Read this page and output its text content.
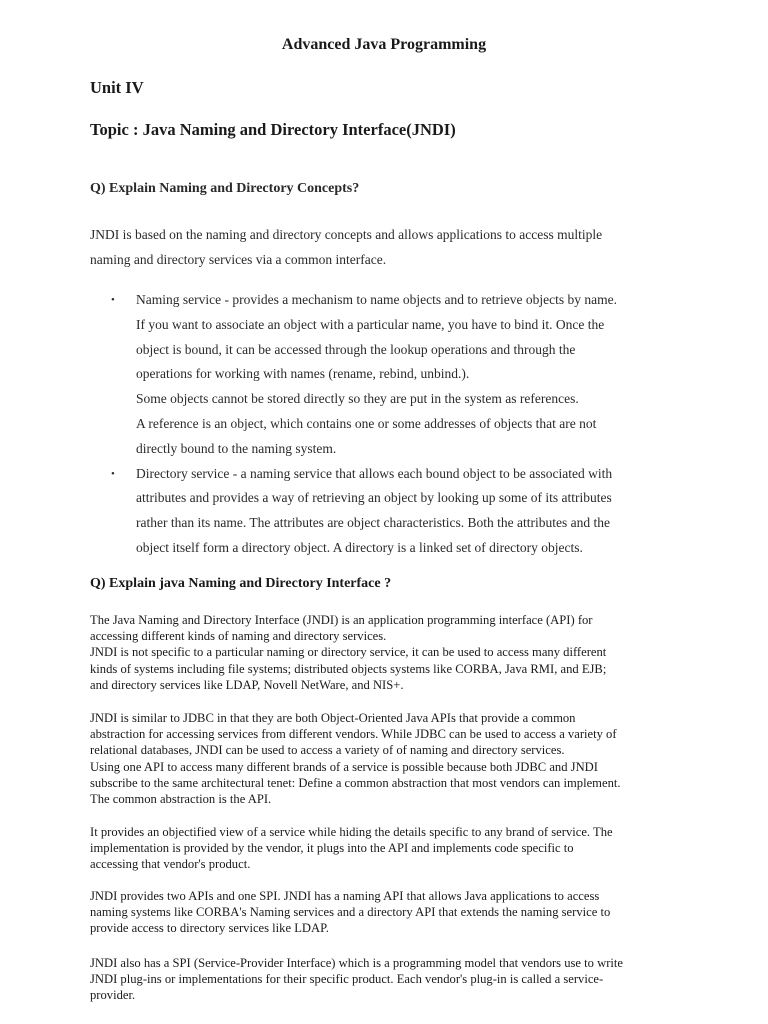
Advanced Java Programming
Unit IV
Topic : Java Naming and Directory Interface(JNDI)
Q) Explain Naming and Directory Concepts?

JNDI is based on the naming and directory concepts and allows applications to access multiple
naming and directory services via a common interface.

• Naming service - provides a mechanism to name objects and to retrieve objects by name.
If you want to associate an object with a particular name, you have to bind it. Once the
object is bound, it can be accessed through the lookup operations and through the
operations for working with names (rename, rebind, unbind.).
Some objects cannot be stored directly so they are put in the system as references.
A reference is an object, which contains one or some addresses of objects that are not
directly bound to the naming system.
• Directory service - a naming service that allows each bound object to be associated with
attributes and provides a way of retrieving an object by looking up some of its attributes
rather than its name. The attributes are object characteristics. Both the attributes and the
object itself form a directory object. A directory is a linked set of directory objects.
Q) Explain java Naming and Directory Interface ?

The Java Naming and Directory Interface (JNDI) is an application programming interface (API) for
accessing different kinds of naming and directory services.
JNDI is not specific to a particular naming or directory service, it can be used to access many different
kinds of systems including file systems; distributed objects systems like CORBA, Java RMI, and EJB;
and directory services like LDAP, Novell NetWare, and NIS+.

JNDI is similar to JDBC in that they are both Object-Oriented Java APIs that provide a common
abstraction for accessing services from different vendors. While JDBC can be used to access a variety of
relational databases, JNDI can be used to access a variety of of naming and directory services.
Using one API to access many different brands of a service is possible because both JDBC and JNDI
subscribe to the same architectural tenet: Define a common abstraction that most vendors can implement.
The common abstraction is the API.

It provides an objectified view of a service while hiding the details specific to any brand of service. The
implementation is provided by the vendor, it plugs into the API and implements code specific to
accessing that vendor's product.

JNDI provides two APIs and one SPI. JNDI has a naming API that allows Java applications to access
naming systems like CORBA's Naming services and a directory API that extends the naming service to
provide access to directory services like LDAP.

JNDI also has a SPI (Service-Provider Interface) which is a programming model that vendors use to write
JNDI plug-ins or implementations for their specific product. Each vendor's plug-in is called a service-
provider.
